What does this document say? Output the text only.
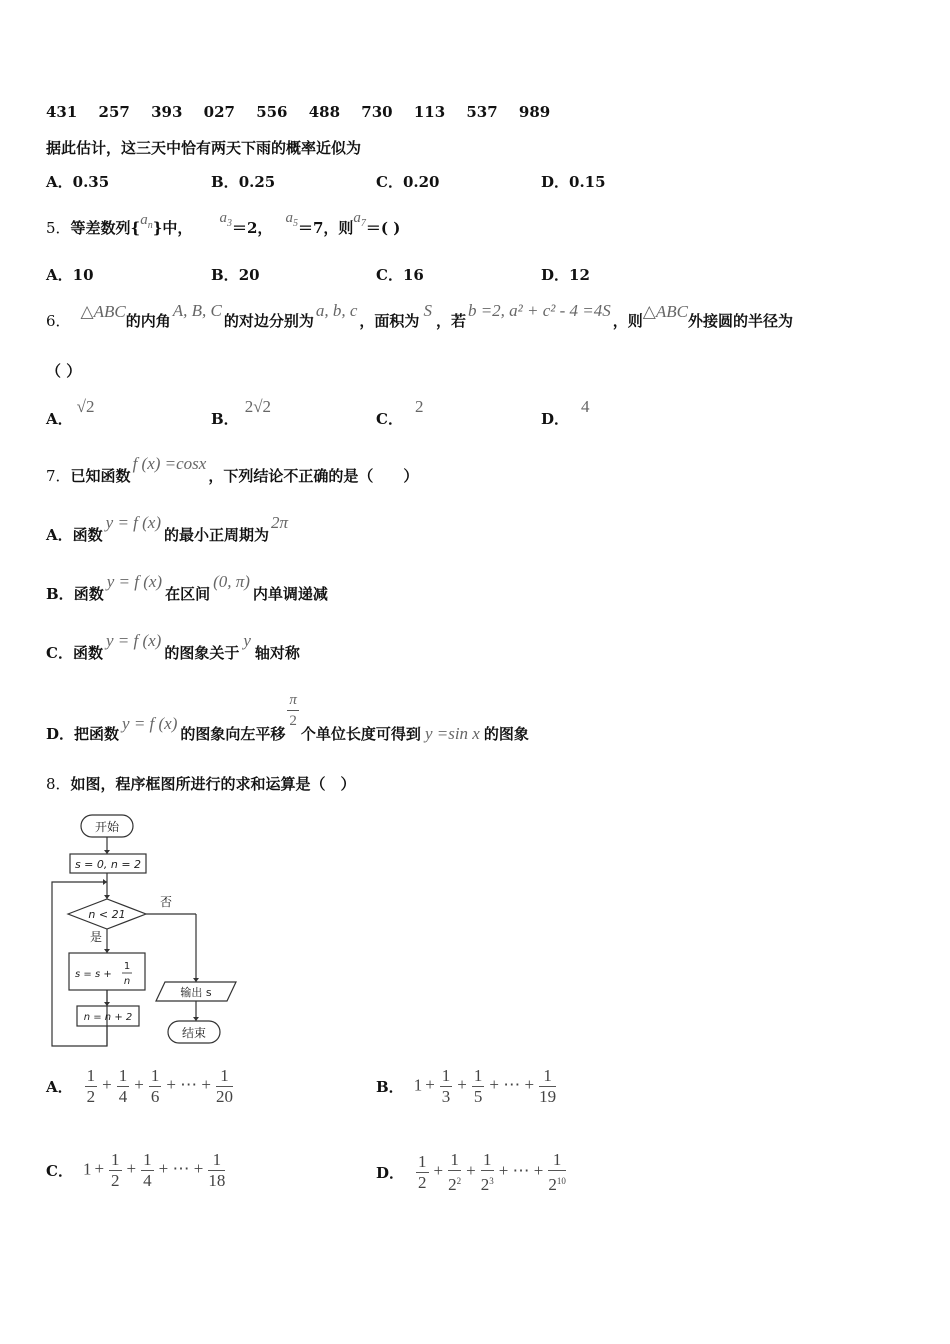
431 257 393 027 556 488 730 113 537 989
据此估计，这三天中恰有两天下雨的概率近似为
A．0.35	B．0.25	C．0.20	D．0.15
5．等差数列$\{a_n\}$中， $a_3=2$， $a_5=7$，则$a_7=$( )
A．10	B．20	C．16	D．12
6． △ABC的内角A, B, C的对边分别为a, b, c，面积为S，若b =2, a² + c² - 4 =4S，则△ABC外接圆的半径为
（ ）
A．√2
B．2√2
C．2
D．4
7．已知函数f (x) =cosx，下列结论不正确的是（　　）
A．函数y = f (x)的最小正周期为2π
B．函数y = f (x)在区间(0, π)内单调递减
C．函数y = f (x)的图象关于y轴对称
D．把函数y = f (x)的图象向左平移
$\frac{\pi}{2}$
个单位长度可得到 y =sin x 的图象
8．如图，程序框图所进行的求和运算是（　）
开始
s = 0, n = 2
n < 21
否
是
s = s +
1
n
n = n + 2
输出 s
结束
A． $\frac{1}{2} + \frac{1}{4} + \frac{1}{6}$ + ⋯ + $\frac{1}{20}$	B． $1 + \frac{1}{3} + \frac{1}{5}$ + ⋯ + $\frac{1}{19}$
C． $1 + \frac{1}{2} + \frac{1}{4}$ + ⋯ + $\frac{1}{18}$	D． $\frac{1}{2} + \frac{1}{2^2} + \frac{1}{2^3}$ + ⋯ + $\frac{1}{2^{10}}$
